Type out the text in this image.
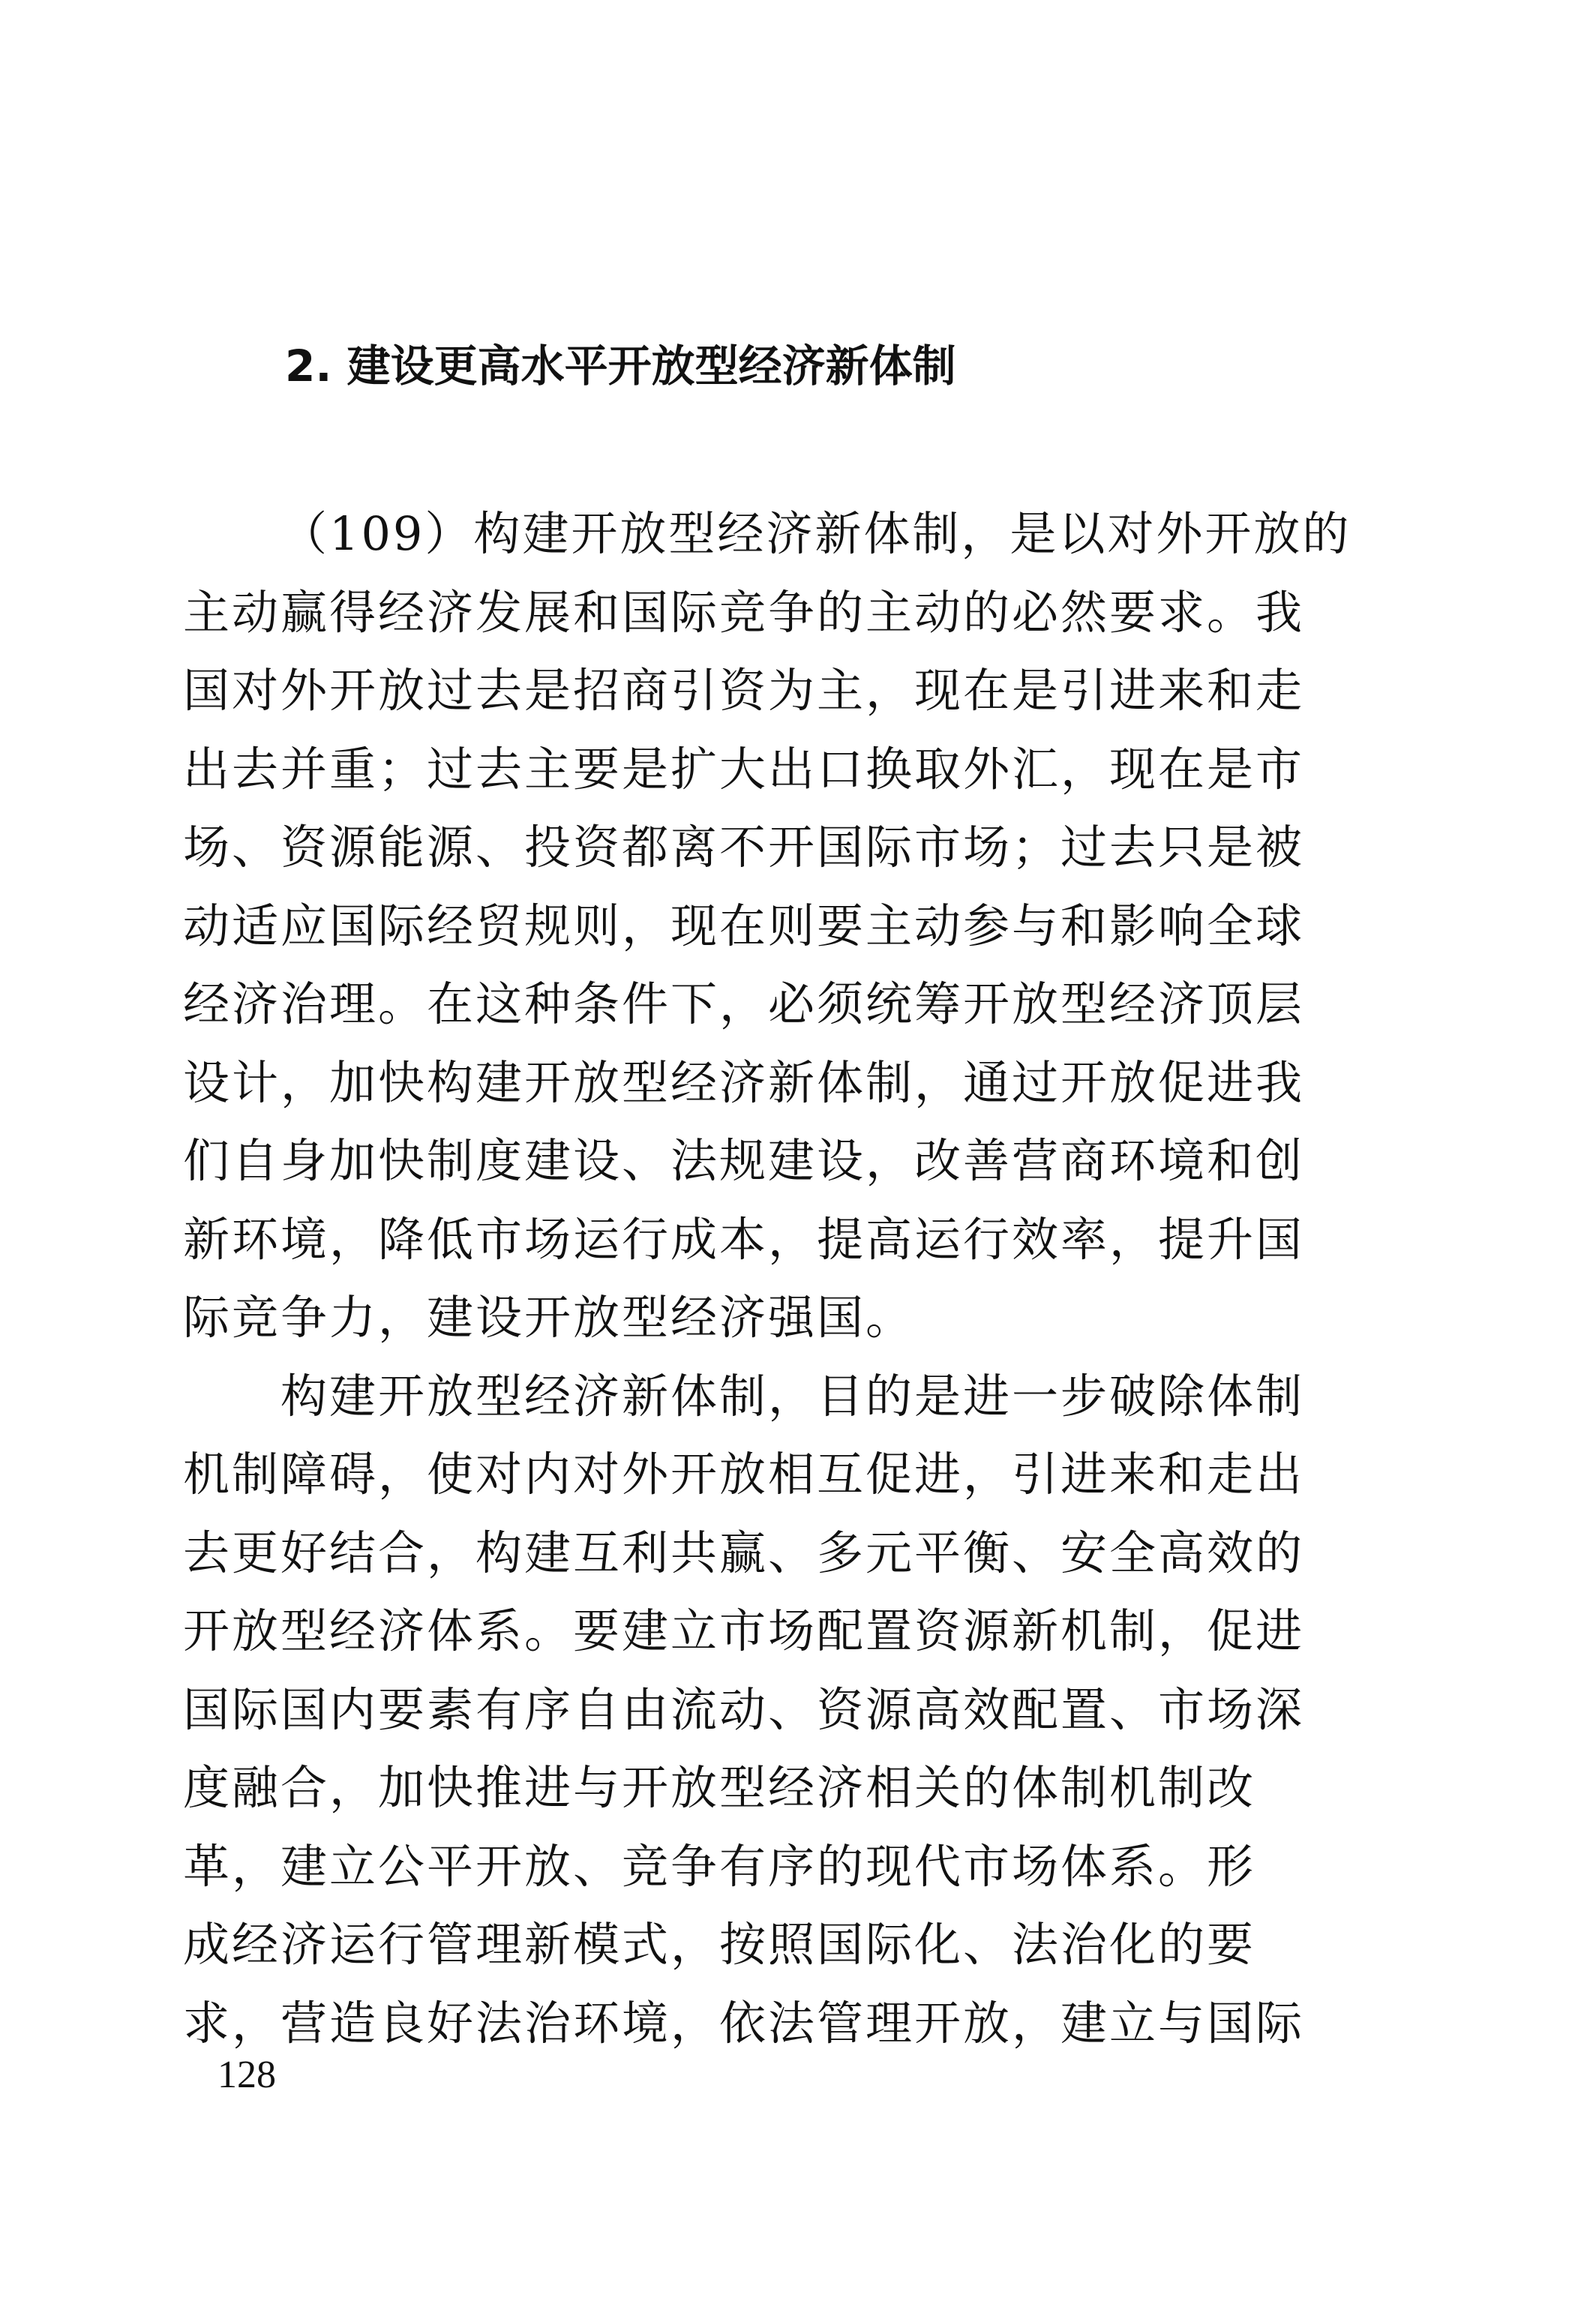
2. 建设更高水平开放型经济新体制
（109）构建开放型经济新体制，是以对外开放的
主动赢得经济发展和国际竞争的主动的必然要求。我
国对外开放过去是招商引资为主，现在是引进来和走
出去并重；过去主要是扩大出口换取外汇，现在是市
场、资源能源、投资都离不开国际市场；过去只是被
动适应国际经贸规则，现在则要主动参与和影响全球
经济治理。在这种条件下，必须统筹开放型经济顶层
设计，加快构建开放型经济新体制，通过开放促进我
们自身加快制度建设、法规建设，改善营商环境和创
新环境，降低市场运行成本，提高运行效率，提升国
际竞争力，建设开放型经济强国。
构建开放型经济新体制，目的是进一步破除体制
机制障碍，使对内对外开放相互促进，引进来和走出
去更好结合，构建互利共赢、多元平衡、安全高效的
开放型经济体系。要建立市场配置资源新机制，促进
国际国内要素有序自由流动、资源高效配置、市场深
度融合，加快推进与开放型经济相关的体制机制改
革，建立公平开放、竞争有序的现代市场体系。形
成经济运行管理新模式，按照国际化、法治化的要
求，营造良好法治环境，依法管理开放，建立与国际
128
